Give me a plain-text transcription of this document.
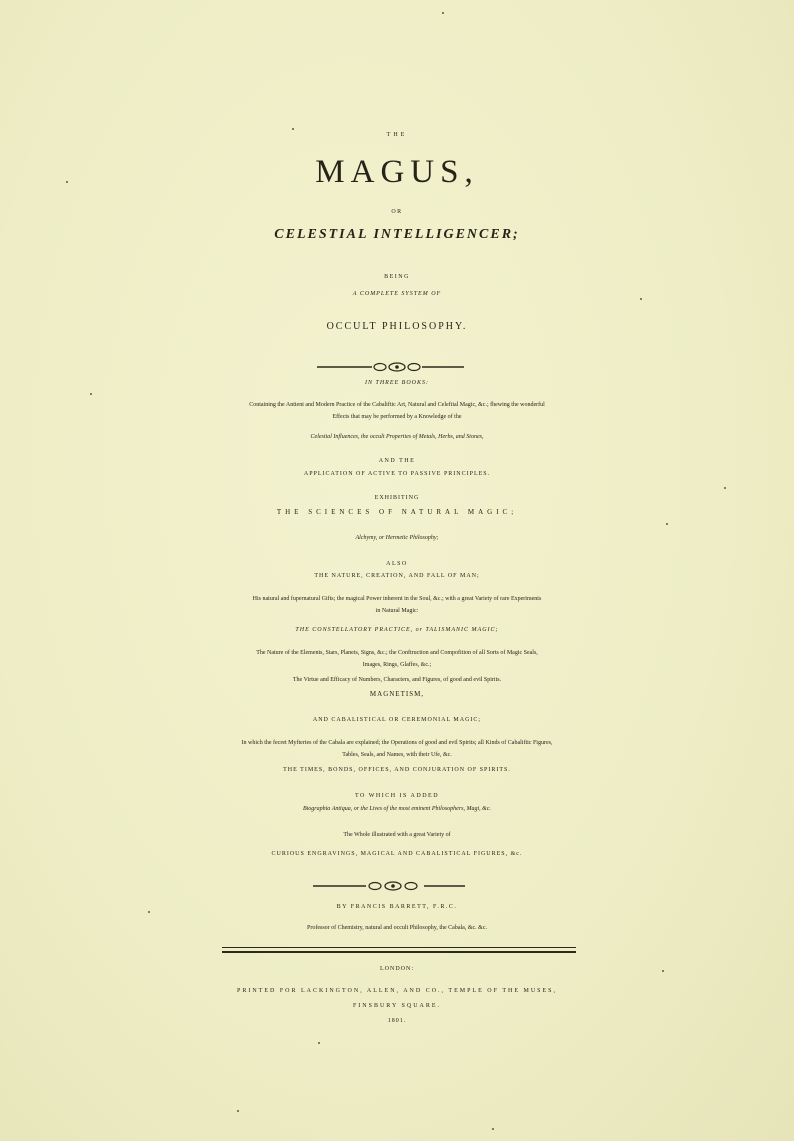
THE
MAGUS,
OR
CELESTIAL INTELLIGENCER;
BEING
A COMPLETE SYSTEM OF
OCCULT PHILOSOPHY.
IN THREE BOOKS:
Containing the Antient and Modern Practice of the Cabaliftic Art, Natural and Celeftial Magic, &c.; fhewing the wonderful
Effects that may be performed by a Knowledge of the
Celestial Influences, the occult Properties of Metals, Herbs, and Stones,
AND THE
APPLICATION OF ACTIVE TO PASSIVE PRINCIPLES.
EXHIBITING
THE SCIENCES OF NATURAL MAGIC;
Alchymy, or Hermetic Philosophy;
ALSO
THE NATURE, CREATION, AND FALL OF MAN;
His natural and fupernatural Gifts; the magical Power inherent in the Soul, &c.; with a great Variety of rare Experiments
in Natural Magic:
THE CONSTELLATORY PRACTICE, or TALISMANIC MAGIC;
The Nature of the Elements, Stars, Planets, Signs, &c.; the Conftruction and Compofition of all Sorts of Magic Seals,
Images, Rings, Glaffes, &c.;
The Virtue and Efficacy of Numbers, Characters, and Figures, of good and evil Spirits.
MAGNETISM,
AND CABALISTICAL OR CEREMONIAL MAGIC;
In which the fecret Myfteries of the Cabala are explained; the Operations of good and evil Spirits; all Kinds of Cabaliftic Figures,
Tables, Seals, and Names, with their Ufe, &c.
THE TIMES, BONDS, OFFICES, AND CONJURATION OF SPIRITS.
TO WHICH IS ADDED
Biographia Antiqua, or the Lives of the most eminent Philosophers, Magi, &c.
The Whole illustrated with a great Variety of
CURIOUS ENGRAVINGS, MAGICAL AND CABALISTICAL FIGURES, &c.
BY FRANCIS BARRETT, F.R.C.
Professor of Chemistry, natural and occult Philosophy, the Cabala, &c. &c.
LONDON:
PRINTED FOR LACKINGTON, ALLEN, AND CO., TEMPLE OF THE MUSES,
FINSBURY SQUARE.
1801.
